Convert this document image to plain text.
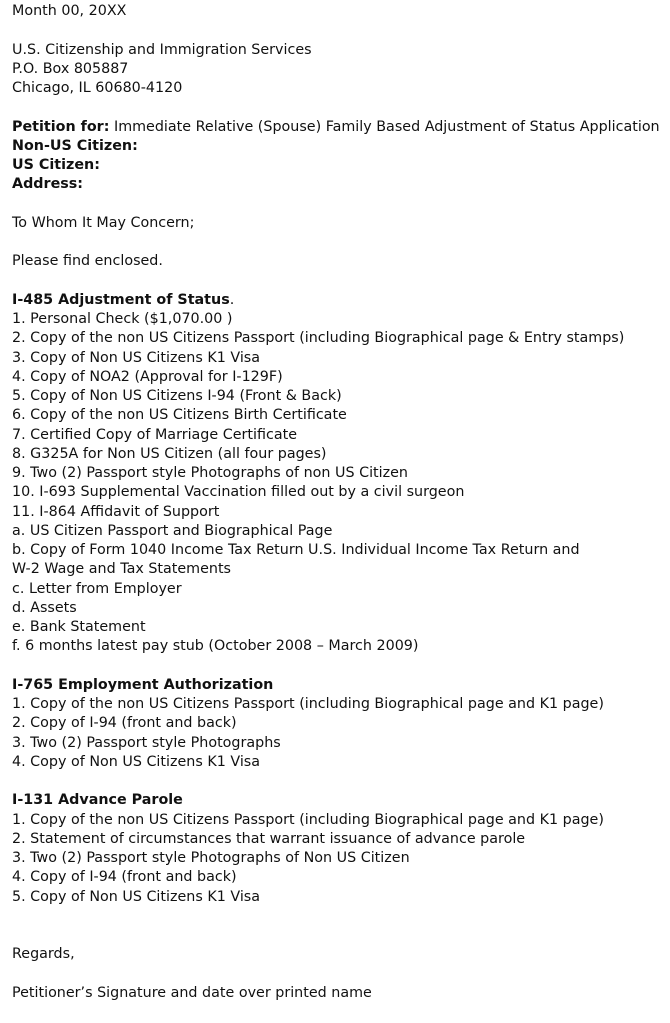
Month 00, 20XX
U.S. Citizenship and Immigration Services
P.O. Box 805887
Chicago, IL 60680-4120
Petition for: Immediate Relative (Spouse) Family Based Adjustment of Status Application
Non-US Citizen:
US Citizen:
Address:
To Whom It May Concern;
Please find enclosed.
I-485 Adjustment of Status.
1. Personal Check ($1,070.00 )
2. Copy of the non US Citizens Passport (including Biographical page & Entry stamps)
3. Copy of Non US Citizens K1 Visa
4. Copy of NOA2 (Approval for I-129F)
5. Copy of Non US Citizens I-94 (Front & Back)
6. Copy of the non US Citizens Birth Certificate
7. Certified Copy of Marriage Certificate
8. G325A for Non US Citizen (all four pages)
9. Two (2) Passport style Photographs of non US Citizen
10. I-693 Supplemental Vaccination filled out by a civil surgeon
11. I-864 Affidavit of Support
a. US Citizen Passport and Biographical Page
b. Copy of Form 1040 Income Tax Return U.S. Individual Income Tax Return and
W-2 Wage and Tax Statements
c. Letter from Employer
d. Assets
e. Bank Statement
f. 6 months latest pay stub (October 2008 – March 2009)
I-765 Employment Authorization
1. Copy of the non US Citizens Passport (including Biographical page and K1 page)
2. Copy of I-94 (front and back)
3. Two (2) Passport style Photographs
4. Copy of Non US Citizens K1 Visa
I-131 Advance Parole
1. Copy of the non US Citizens Passport (including Biographical page and K1 page)
2. Statement of circumstances that warrant issuance of advance parole
3. Two (2) Passport style Photographs of Non US Citizen
4. Copy of I-94 (front and back)
5. Copy of Non US Citizens K1 Visa
Regards,
Petitioner’s Signature and date over printed name
